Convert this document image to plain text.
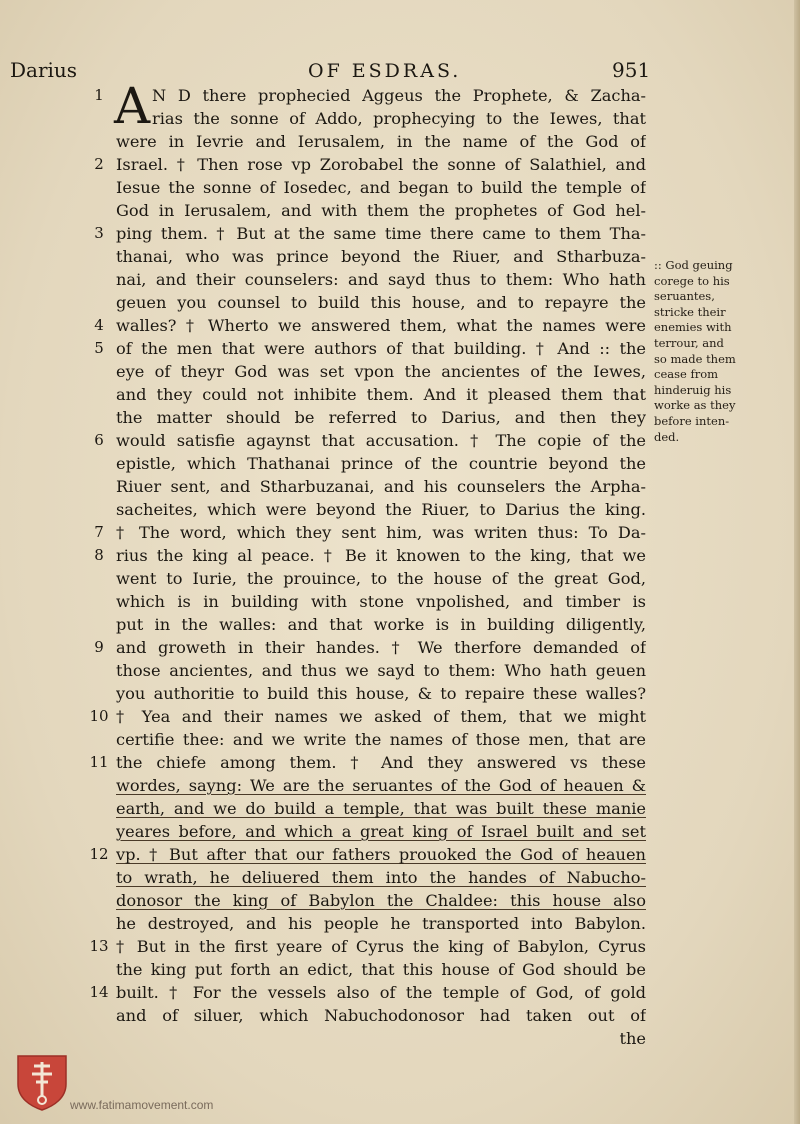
Darius	OF ESDRAS.	951
A
1	N D there prophecied Aggeus the Prophete, & Zacha-
rias the sonne of Addo, prophecying to the Iewes, that
were in Ievrie and Ierusalem, in the name of the God of
2 Israel. † Then rose vp Zorobabel the sonne of Salathiel, and
Iesue the sonne of Iosedec, and began to build the temple of
God in Ierusalem, and with them the prophetes of God hel-
3 ping them. † But at the same time there came to them Tha-
thanai, who was prince beyond the Riuer, and Stharbuza-
nai, and their counselers: and sayd thus to them: Who hath
geuen you counsel to build this house, and to repayre the
4 walles? † Wherto we answered them, what the names were
5 of the men that were authors of that building. † And :: the
eye of theyr God was set vpon the ancientes of the Iewes,
and they could not inhibite them. And it pleased them that
the matter should be referred to Darius, and then they
6 would satisfie agaynst that accusation. † The copie of the
epistle, which Thathanai prince of the countrie beyond the
Riuer sent, and Stharbuzanai, and his counselers the Arpha-
sacheites, which were beyond the Riuer, to Darius the king.
7 † The word, which they sent him, was writen thus: To Da-
8 rius the king al peace. † Be it knowen to the king, that we
went to Iurie, the prouince, to the house of the great God,
which is in building with stone vnpolished, and timber is
put in the walles: and that worke is in building diligently,
9 and groweth in their handes. † We therfore demanded of
those ancientes, and thus we sayd to them: Who hath geuen
you authoritie to build this house, & to repaire these walles?
10 † Yea and their names we asked of them, that we might
certifie thee: and we write the names of those men, that are
11 the chiefe among them. † And they answered vs these
wordes, sayng: We are the seruantes of the God of heauen &
earth, and we do build a temple, that was built these manie
yeares before, and which a great king of Israel built and set
12 vp. † But after that our fathers prouoked the God of heauen
to wrath, he deliuered them into the handes of Nabucho-
donosor the king of Babylon the Chaldee: this house also
he destroyed, and his people he transported into Babylon.
13 † But in the first yeare of Cyrus the king of Babylon, Cyrus
the king put forth an edict, that this house of God should be
14 built. † For the vessels also of the temple of God, of gold
and of siluer, which Nabuchodonosor had taken out of
the
:: God geuing
corege to his
seruantes,
stricke their
enemies with
terrour, and
so made them
cease from
hinderuig his
worke as they
before inten-
ded.
www.fatimamovement.com
